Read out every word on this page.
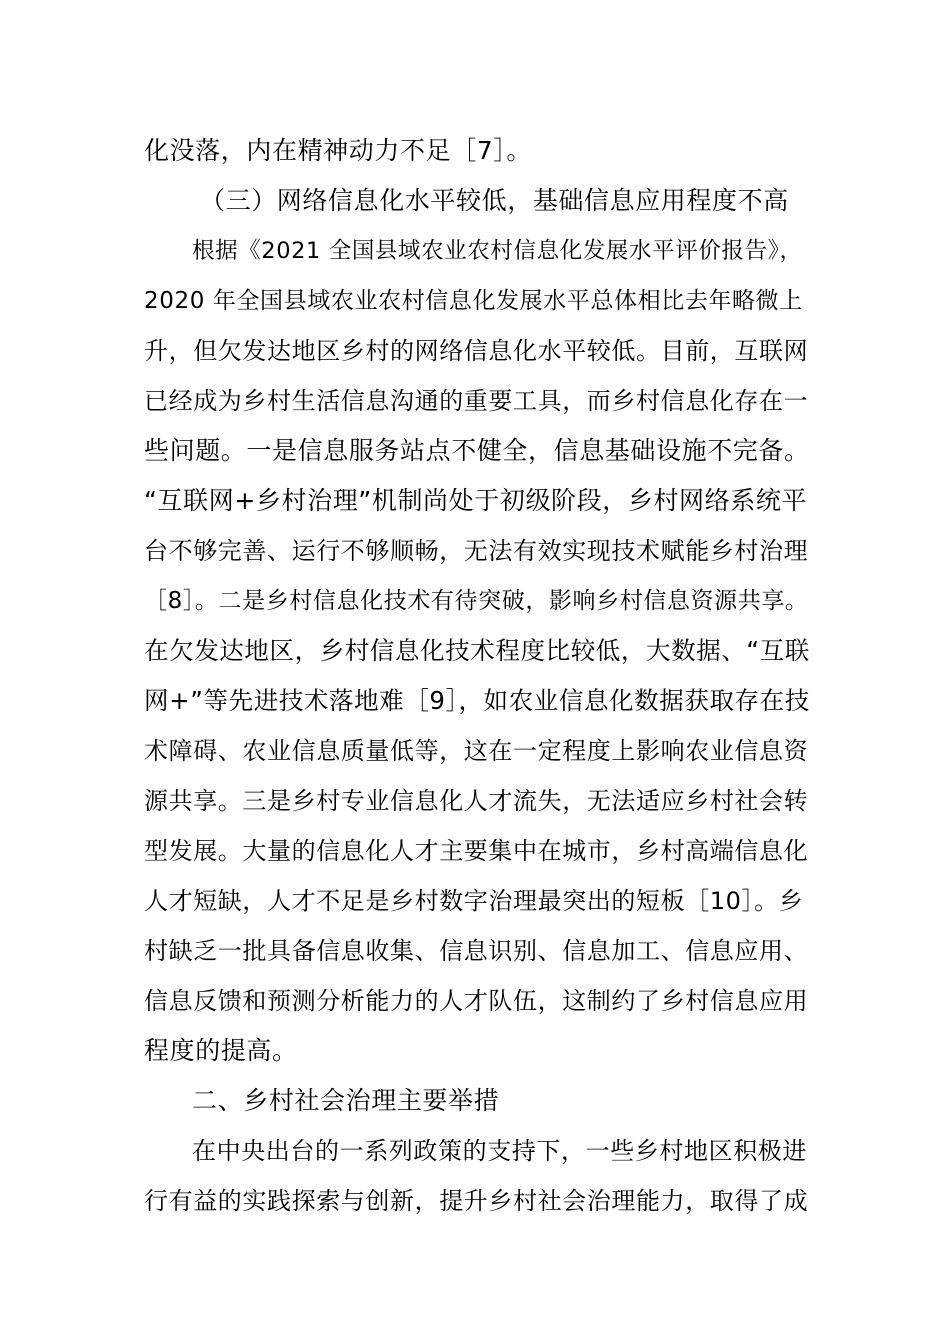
化没落，内在精神动力不足［7］。
（三）网络信息化水平较低，基础信息应用程度不高
根据《2021 全国县域农业农村信息化发展水平评价报告》，
2020 年全国县域农业农村信息化发展水平总体相比去年略微上
升，但欠发达地区乡村的网络信息化水平较低。目前，互联网
已经成为乡村生活信息沟通的重要工具，而乡村信息化存在一
些问题。一是信息服务站点不健全，信息基础设施不完备。
“互联网+乡村治理”机制尚处于初级阶段，乡村网络系统平
台不够完善、运行不够顺畅，无法有效实现技术赋能乡村治理
［8］。二是乡村信息化技术有待突破，影响乡村信息资源共享。
在欠发达地区，乡村信息化技术程度比较低，大数据、“互联
网+”等先进技术落地难［9］，如农业信息化数据获取存在技
术障碍、农业信息质量低等，这在一定程度上影响农业信息资
源共享。三是乡村专业信息化人才流失，无法适应乡村社会转
型发展。大量的信息化人才主要集中在城市，乡村高端信息化
人才短缺，人才不足是乡村数字治理最突出的短板［10］。乡
村缺乏一批具备信息收集、信息识别、信息加工、信息应用、
信息反馈和预测分析能力的人才队伍，这制约了乡村信息应用
程度的提高。
二、乡村社会治理主要举措
在中央出台的一系列政策的支持下，一些乡村地区积极进
行有益的实践探索与创新，提升乡村社会治理能力，取得了成
